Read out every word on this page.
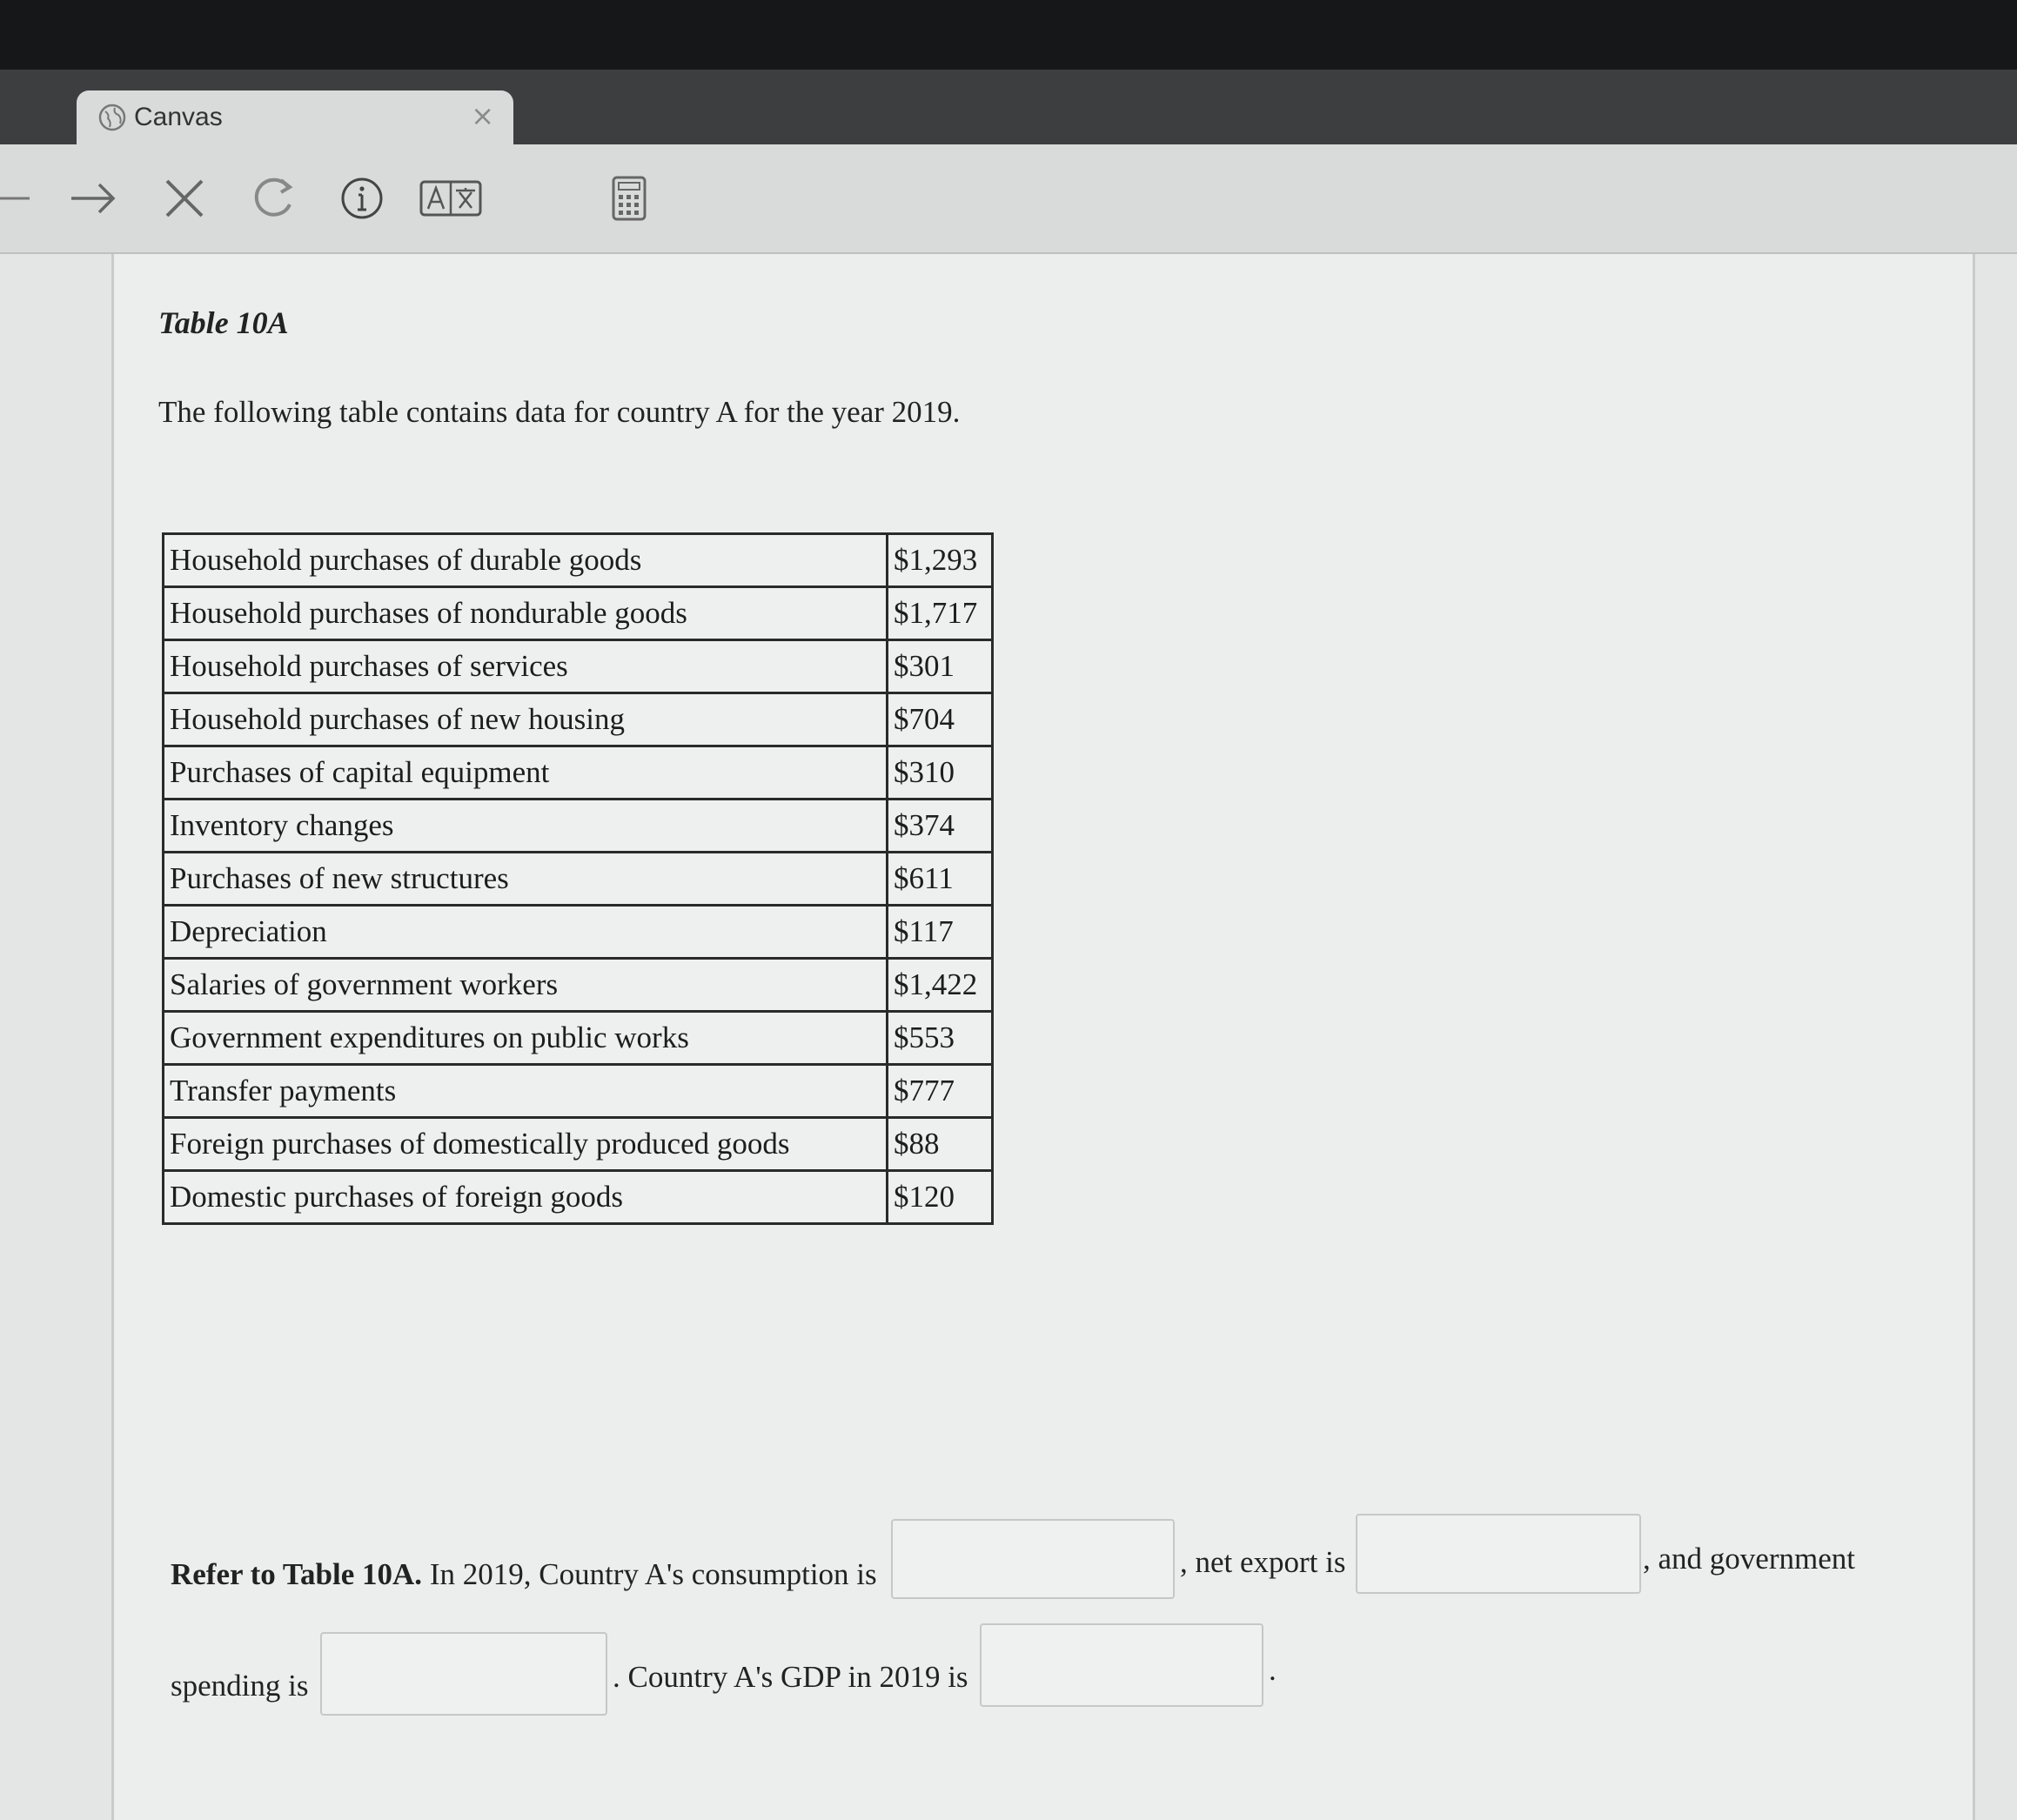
Canvas	×
Table 10A
The following table contains data for country A for the year 2019.
Household purchases of durable goods	$1,293
Household purchases of nondurable goods	$1,717
Household purchases of services	$301
Household purchases of new housing	$704
Purchases of capital equipment	$310
Inventory changes	$374
Purchases of new structures	$611
Depreciation	$117
Salaries of government workers	$1,422
Government expenditures on public works	$553
Transfer payments	$777
Foreign purchases of domestically produced goods	$88
Domestic purchases of foreign goods	$120
Refer to Table 10A. In 2019, Country A's consumption is	, net export is	, and government
spending is	. Country A's GDP in 2019 is	.
